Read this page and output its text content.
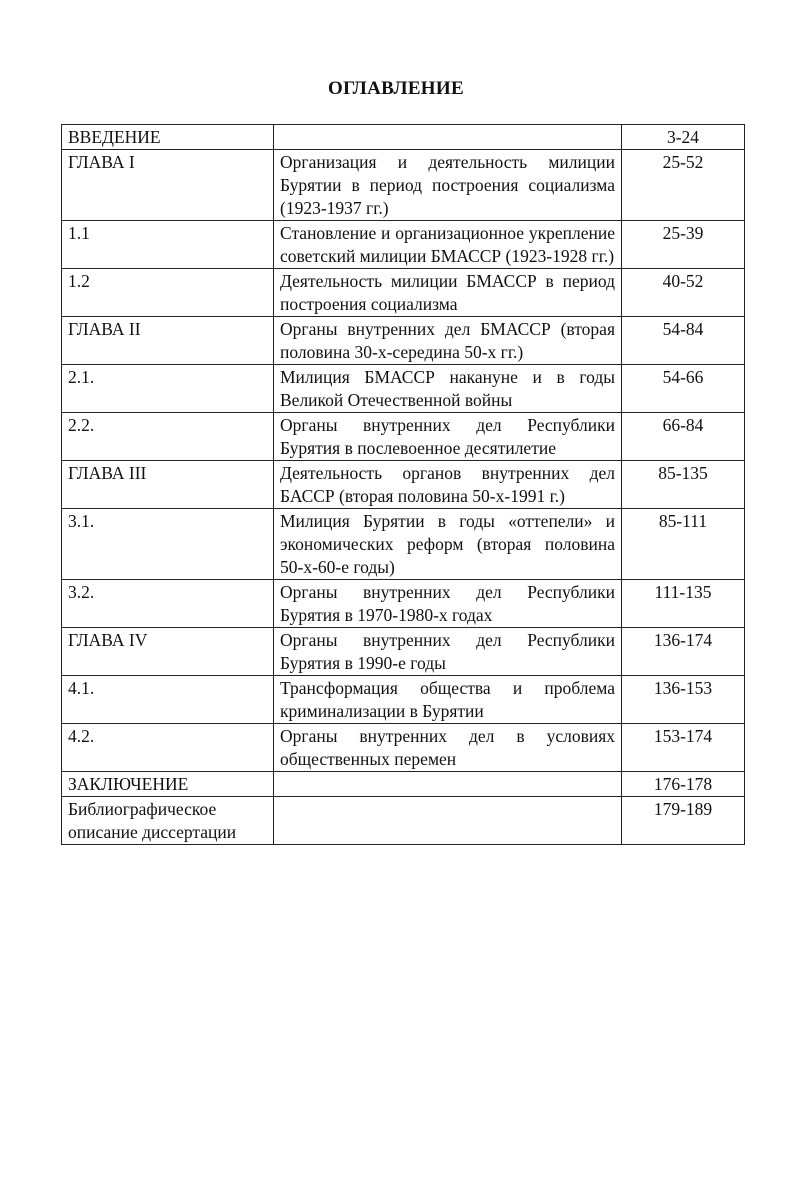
ОГЛАВЛЕНИЕ
ВВЕДЕНИЕ		3-24
ГЛАВА I	Организация и деятельность милиции Бурятии в период построения социализма (1923-1937 гг.)	25-52
1.1	Становление и организационное укрепление советский милиции БМАССР (1923-1928 гг.)	25-39
1.2	Деятельность милиции БМАССР в период построения социализма	40-52
ГЛАВА II	Органы внутренних дел БМАССР (вторая половина 30-х-середина 50-х гг.)	54-84
2.1.	Милиция БМАССР накануне и в годы Великой Отечественной войны	54-66
2.2.	Органы внутренних дел Республики Бурятия в послевоенное десятилетие	66-84
ГЛАВА III	Деятельность органов внутренних дел БАССР (вторая половина 50-х-1991 г.)	85-135
3.1.	Милиция Бурятии в годы «оттепели» и экономических реформ (вторая половина 50-х-60-е годы)	85-111
3.2.	Органы внутренних дел Республики Бурятия в 1970-1980-х годах	111-135
ГЛАВА IV	Органы внутренних дел Республики Бурятия в 1990-е годы	136-174
4.1.	Трансформация общества и проблема криминализации в Бурятии	136-153
4.2.	Органы внутренних дел в условиях общественных перемен	153-174
ЗАКЛЮЧЕНИЕ		176-178
Библиографическое описание диссертации		179-189
